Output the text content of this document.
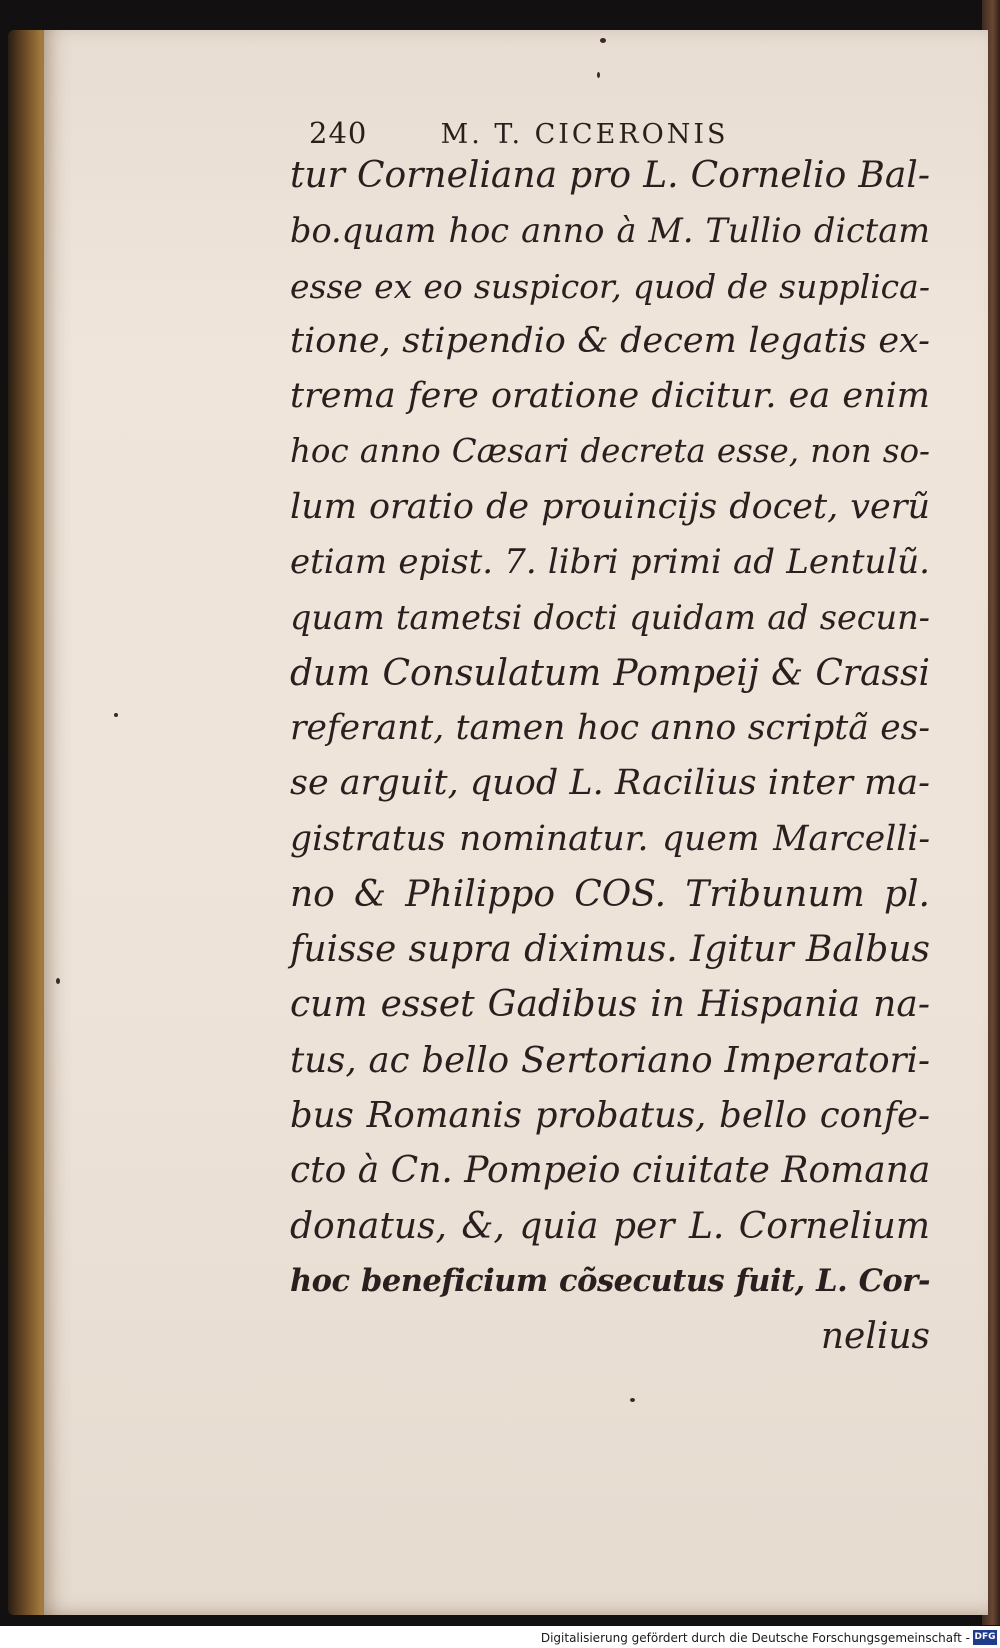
240	M. T. CICERONIS
tur Corneliana pro L. Cornelio Bal-
bo.quam hoc anno à M. Tullio dictam
esse ex eo suspicor, quod de supplica-
tione, stipendio & decem legatis ex-
trema fere oratione dicitur. ea enim
hoc anno Cæsari decreta esse, non so-
lum oratio de prouincijs docet, verũ
etiam epist. 7. libri primi ad Lentulũ.
quam tametsi docti quidam ad secun-
dum Consulatum Pompeij & Crassi
referant, tamen hoc anno scriptã es-
se arguit, quod L. Racilius inter ma-
gistratus nominatur. quem Marcelli-
no & Philippo COS. Tribunum pl.
fuisse supra diximus. Igitur Balbus
cum esset Gadibus in Hispania na-
tus, ac bello Sertoriano Imperatori-
bus Romanis probatus, bello confe-
cto à Cn. Pompeio ciuitate Romana
donatus, &, quia per L. Cornelium
hoc beneficium cõsecutus fuit, L. Cor-
nelius
Digitalisierung gefördert durch die Deutsche Forschungsgemeinschaft - DFG
